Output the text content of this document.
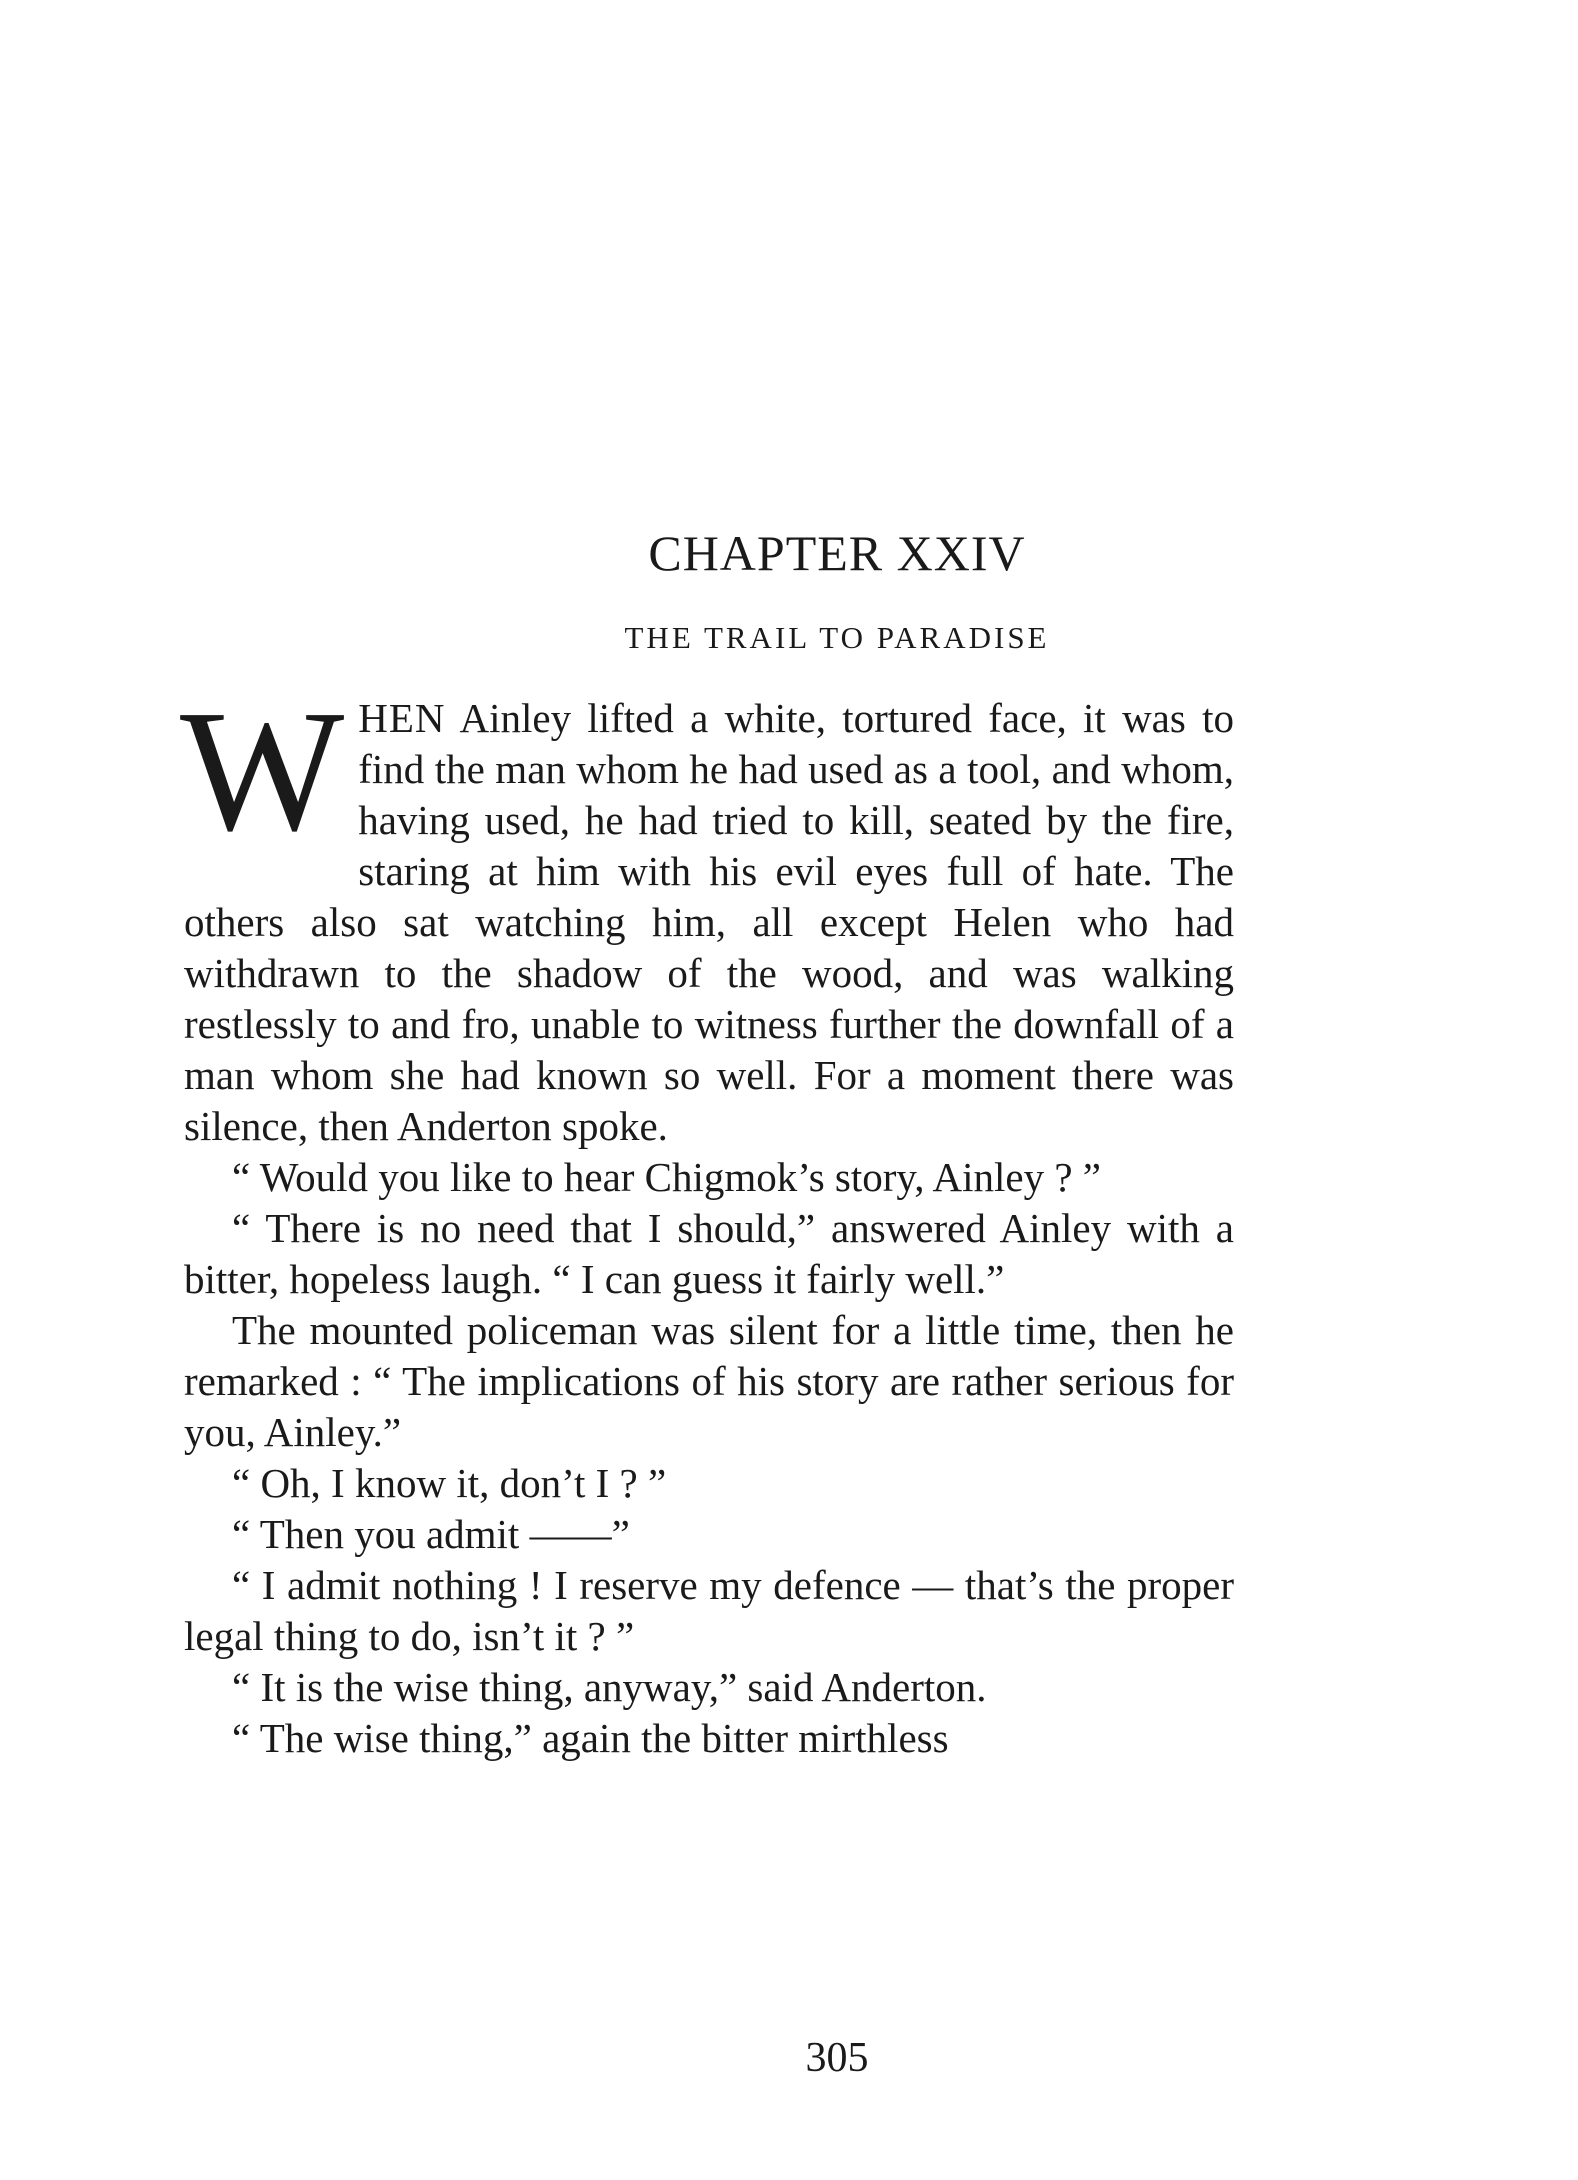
CHAPTER XXIV
THE TRAIL TO PARADISE

WHEN Ainley lifted a white, tortured face, it was to find the man whom he had used as a tool, and whom, having used, he had tried to kill, seated by the fire, staring at him with his evil eyes full of hate. The others also sat watching him, all except Helen who had withdrawn to the shadow of the wood, and was walking restlessly to and fro, unable to witness further the downfall of a man whom she had known so well. For a moment there was silence, then Anderton spoke.

“ Would you like to hear Chigmok’s story, Ainley ? ”

“ There is no need that I should,” answered Ainley with a bitter, hopeless laugh. “ I can guess it fairly well.”

The mounted policeman was silent for a little time, then he remarked : “ The implications of his story are rather serious for you, Ainley.”

“ Oh, I know it, don’t I ? ”

“ Then you admit ——”

“ I admit nothing ! I reserve my defence — that’s the proper legal thing to do, isn’t it ? ”

“ It is the wise thing, anyway,” said Anderton.

“ The wise thing,” again the bitter mirthless

305
